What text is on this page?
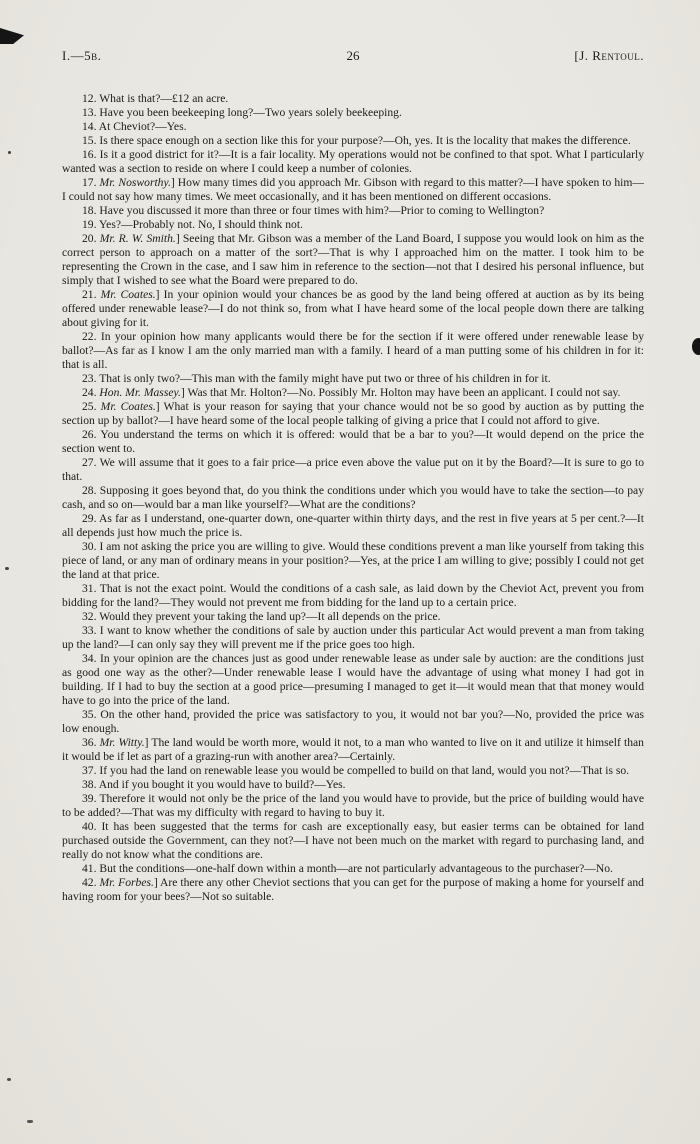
I.—5b.	26	[J. Rentoul.

12. What is that?—£12 an acre.

13. Have you been beekeeping long?—Two years solely beekeeping.

14. At Cheviot?—Yes.

15. Is there space enough on a section like this for your purpose?—Oh, yes. It is the locality that makes the difference.

16. Is it a good district for it?—It is a fair locality. My operations would not be confined to that spot. What I particularly wanted was a section to reside on where I could keep a number of colonies.

17. Mr. Nosworthy.] How many times did you approach Mr. Gibson with regard to this matter?—I have spoken to him—I could not say how many times. We meet occasionally, and it has been mentioned on different occasions.

18. Have you discussed it more than three or four times with him?—Prior to coming to Wellington?

19. Yes?—Probably not. No, I should think not.

20. Mr. R. W. Smith.] Seeing that Mr. Gibson was a member of the Land Board, I suppose you would look on him as the correct person to approach on a matter of the sort?—That is why I approached him on the matter. I took him to be representing the Crown in the case, and I saw him in reference to the section—not that I desired his personal influence, but simply that I wished to see what the Board were prepared to do.

21. Mr. Coates.] In your opinion would your chances be as good by the land being offered at auction as by its being offered under renewable lease?—I do not think so, from what I have heard some of the local people down there are talking about giving for it.

22. In your opinion how many applicants would there be for the section if it were offered under renewable lease by ballot?—As far as I know I am the only married man with a family. I heard of a man putting some of his children in for it: that is all.

23. That is only two?—This man with the family might have put two or three of his children in for it.

24. Hon. Mr. Massey.] Was that Mr. Holton?—No. Possibly Mr. Holton may have been an applicant. I could not say.

25. Mr. Coates.] What is your reason for saying that your chance would not be so good by auction as by putting the section up by ballot?—I have heard some of the local people talking of giving a price that I could not afford to give.

26. You understand the terms on which it is offered: would that be a bar to you?—It would depend on the price the section went to.

27. We will assume that it goes to a fair price—a price even above the value put on it by the Board?—It is sure to go to that.

28. Supposing it goes beyond that, do you think the conditions under which you would have to take the section—to pay cash, and so on—would bar a man like yourself?—What are the conditions?

29. As far as I understand, one-quarter down, one-quarter within thirty days, and the rest in five years at 5 per cent.?—It all depends just how much the price is.

30. I am not asking the price you are willing to give. Would these conditions prevent a man like yourself from taking this piece of land, or any man of ordinary means in your position?—Yes, at the price I am willing to give; possibly I could not get the land at that price.

31. That is not the exact point. Would the conditions of a cash sale, as laid down by the Cheviot Act, prevent you from bidding for the land?—They would not prevent me from bidding for the land up to a certain price.

32. Would they prevent your taking the land up?—It all depends on the price.

33. I want to know whether the conditions of sale by auction under this particular Act would prevent a man from taking up the land?—I can only say they will prevent me if the price goes too high.

34. In your opinion are the chances just as good under renewable lease as under sale by auction: are the conditions just as good one way as the other?—Under renewable lease I would have the advantage of using what money I had got in building. If I had to buy the section at a good price—presuming I managed to get it—it would mean that that money would have to go into the price of the land.

35. On the other hand, provided the price was satisfactory to you, it would not bar you?—No, provided the price was low enough.

36. Mr. Witty.] The land would be worth more, would it not, to a man who wanted to live on it and utilize it himself than it would be if let as part of a grazing-run with another area?—Certainly.

37. If you had the land on renewable lease you would be compelled to build on that land, would you not?—That is so.

38. And if you bought it you would have to build?—Yes.

39. Therefore it would not only be the price of the land you would have to provide, but the price of building would have to be added?—That was my difficulty with regard to having to buy it.

40. It has been suggested that the terms for cash are exceptionally easy, but easier terms can be obtained for land purchased outside the Government, can they not?—I have not been much on the market with regard to purchasing land, and really do not know what the conditions are.

41. But the conditions—one-half down within a month—are not particularly advantageous to the purchaser?—No.

42. Mr. Forbes.] Are there any other Cheviot sections that you can get for the purpose of making a home for yourself and having room for your bees?—Not so suitable.
